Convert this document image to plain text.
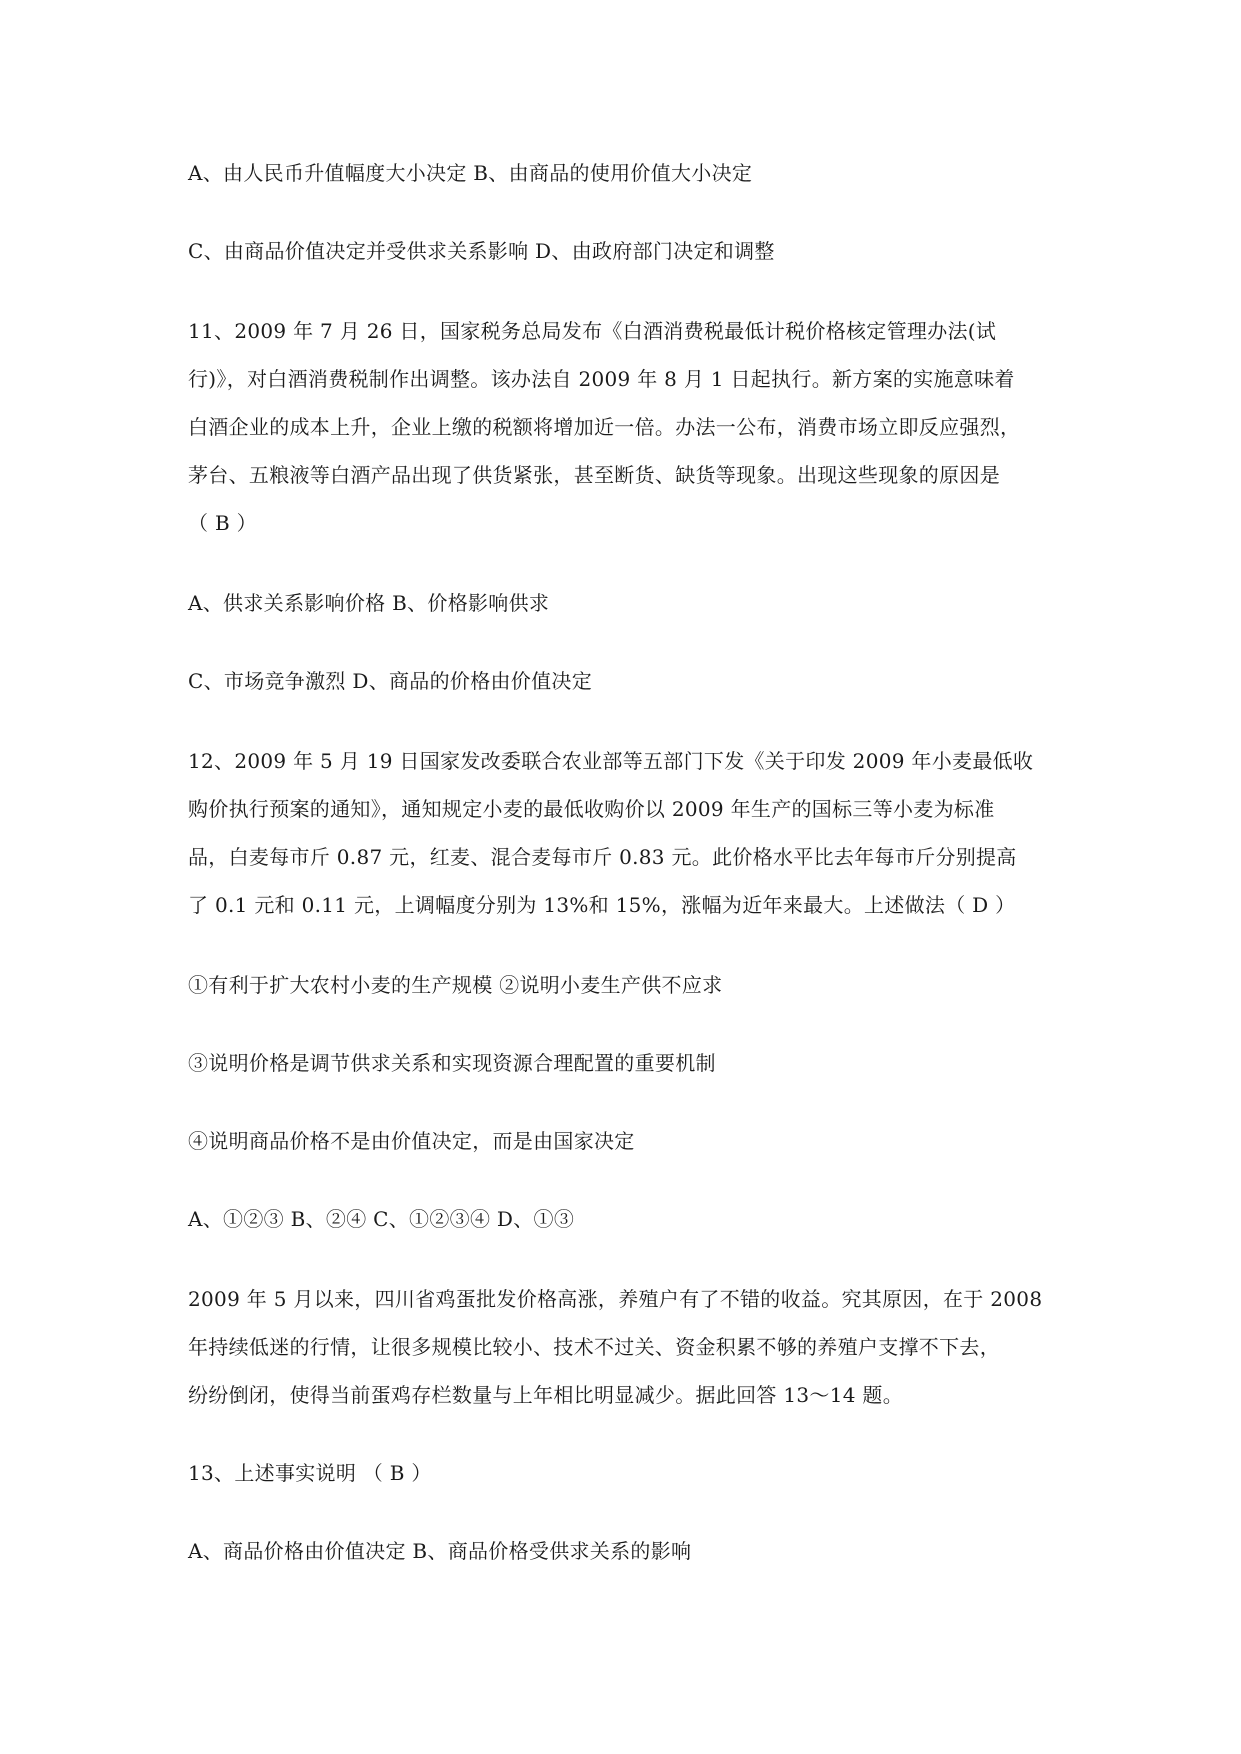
A、由人民币升值幅度大小决定 B、由商品的使用价值大小决定
C、由商品价值决定并受供求关系影响 D、由政府部门决定和调整
11、2009 年 7 月 26 日，国家税务总局发布《白酒消费税最低计税价格核定管理办法(试
行)》，对白酒消费税制作出调整。该办法自 2009 年 8 月 1 日起执行。新方案的实施意味着
白酒企业的成本上升，企业上缴的税额将增加近一倍。办法一公布，消费市场立即反应强烈，
茅台、五粮液等白酒产品出现了供货紧张，甚至断货、缺货等现象。出现这些现象的原因是
（ B ）
A、供求关系影响价格 B、价格影响供求
C、市场竞争激烈 D、商品的价格由价值决定
12、2009 年 5 月 19 日国家发改委联合农业部等五部门下发《关于印发 2009 年小麦最低收
购价执行预案的通知》，通知规定小麦的最低收购价以 2009 年生产的国标三等小麦为标准
品，白麦每市斤 0.87 元，红麦、混合麦每市斤 0.83 元。此价格水平比去年每市斤分别提高
了 0.1 元和 0.11 元，上调幅度分别为 13%和 15%，涨幅为近年来最大。上述做法（ D ）
①有利于扩大农村小麦的生产规模 ②说明小麦生产供不应求
③说明价格是调节供求关系和实现资源合理配置的重要机制
④说明商品价格不是由价值决定，而是由国家决定
A、①②③ B、②④ C、①②③④ D、①③
2009 年 5 月以来，四川省鸡蛋批发价格高涨，养殖户有了不错的收益。究其原因，在于 2008
年持续低迷的行情，让很多规模比较小、技术不过关、资金积累不够的养殖户支撑不下去，
纷纷倒闭，使得当前蛋鸡存栏数量与上年相比明显减少。据此回答 13～14 题。
13、上述事实说明 （ B ）
A、商品价格由价值决定 B、商品价格受供求关系的影响
